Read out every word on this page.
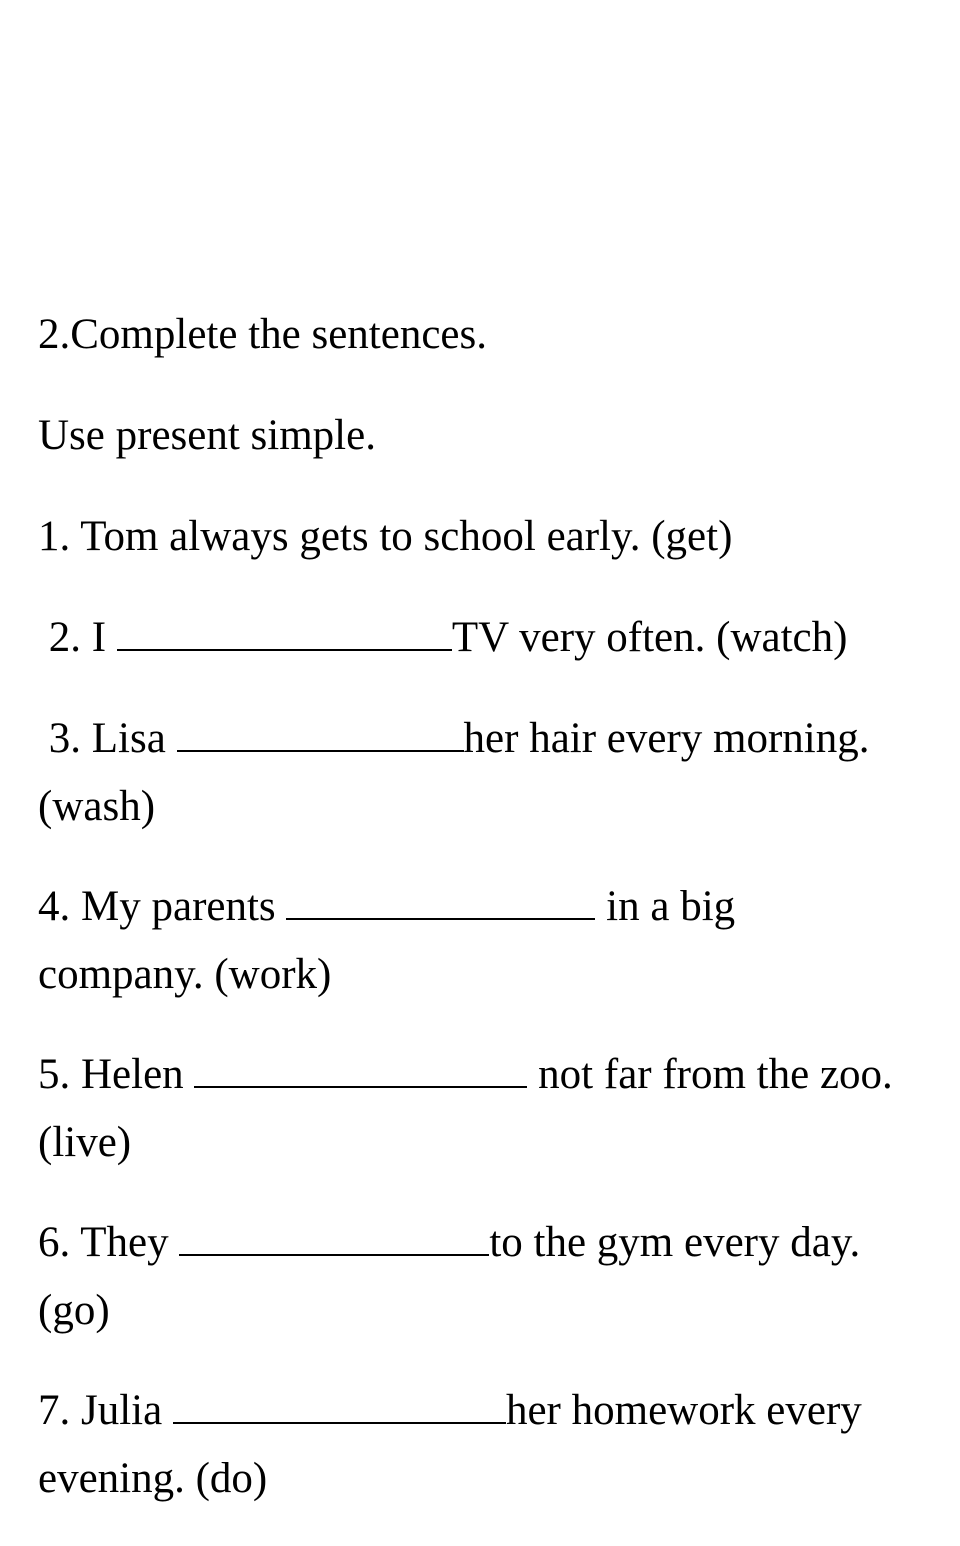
2.Complete the sentences.
Use present simple.
1. Tom always gets to school early. (get)
2. I	TV very often. (watch)
3. Lisa	her hair every morning.
(wash)
4. My parents	in a big
company. (work)
5. Helen	not far from the zoo.
(live)
6. They	to the gym every day.
(go)
7. Julia	her homework every
evening. (do)
